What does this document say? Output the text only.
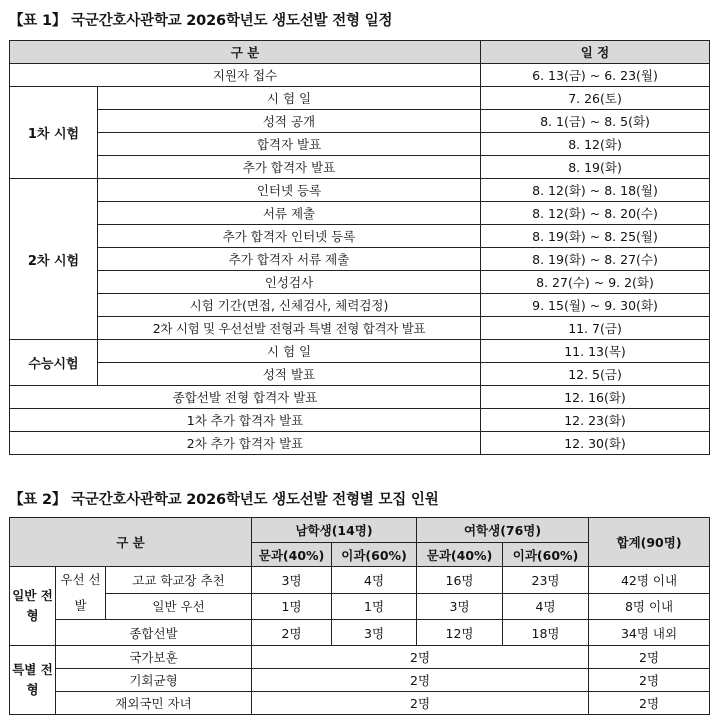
【표 1】 국군간호사관학교 2026학년도 생도선발 전형 일정
구 분		일 정
지원자 접수		6. 13(금) ~ 6. 23(월)
1차 시험	시 험 일	7. 26(토)
	성적 공개	8. 1(금) ~ 8. 5(화)
	합격자 발표	8. 12(화)
	추가 합격자 발표	8. 19(화)
2차 시험	인터넷 등록	8. 12(화) ~ 8. 18(월)
	서류 제출	8. 12(화) ~ 8. 20(수)
	추가 합격자 인터넷 등록	8. 19(화) ~ 8. 25(월)
	추가 합격자 서류 제출	8. 19(화) ~ 8. 27(수)
	인성검사	8. 27(수) ~ 9. 2(화)
	시험 기간(면접, 신체검사, 체력검정)	9. 15(월) ~ 9. 30(화)
	2차 시험 및 우선선발 전형과 특별 전형 합격자 발표	11. 7(금)
수능시험	시 험 일	11. 13(목)
	성적 발표	12. 5(금)
종합선발 전형 합격자 발표		12. 16(화)
1차 추가 합격자 발표		12. 23(화)
2차 추가 합격자 발표		12. 30(화)
【표 2】 국군간호사관학교 2026학년도 생도선발 전형별 모집 인원
구 분			남학생(14명)		여학생(76명)		합계(90명)
			문과(40%)	이과(60%)	문과(40%)	이과(60%)	
일반 전형	우선 선발	고교 학교장 추천	3명	4명	16명	23명	42명 이내
		일반 우선	1명	1명	3명	4명	8명 이내
	종합선발		2명	3명	12명	18명	34명 내외
특별 전형	국가보훈		2명				2명
	기회균형		2명				2명
	재외국민 자녀		2명				2명
